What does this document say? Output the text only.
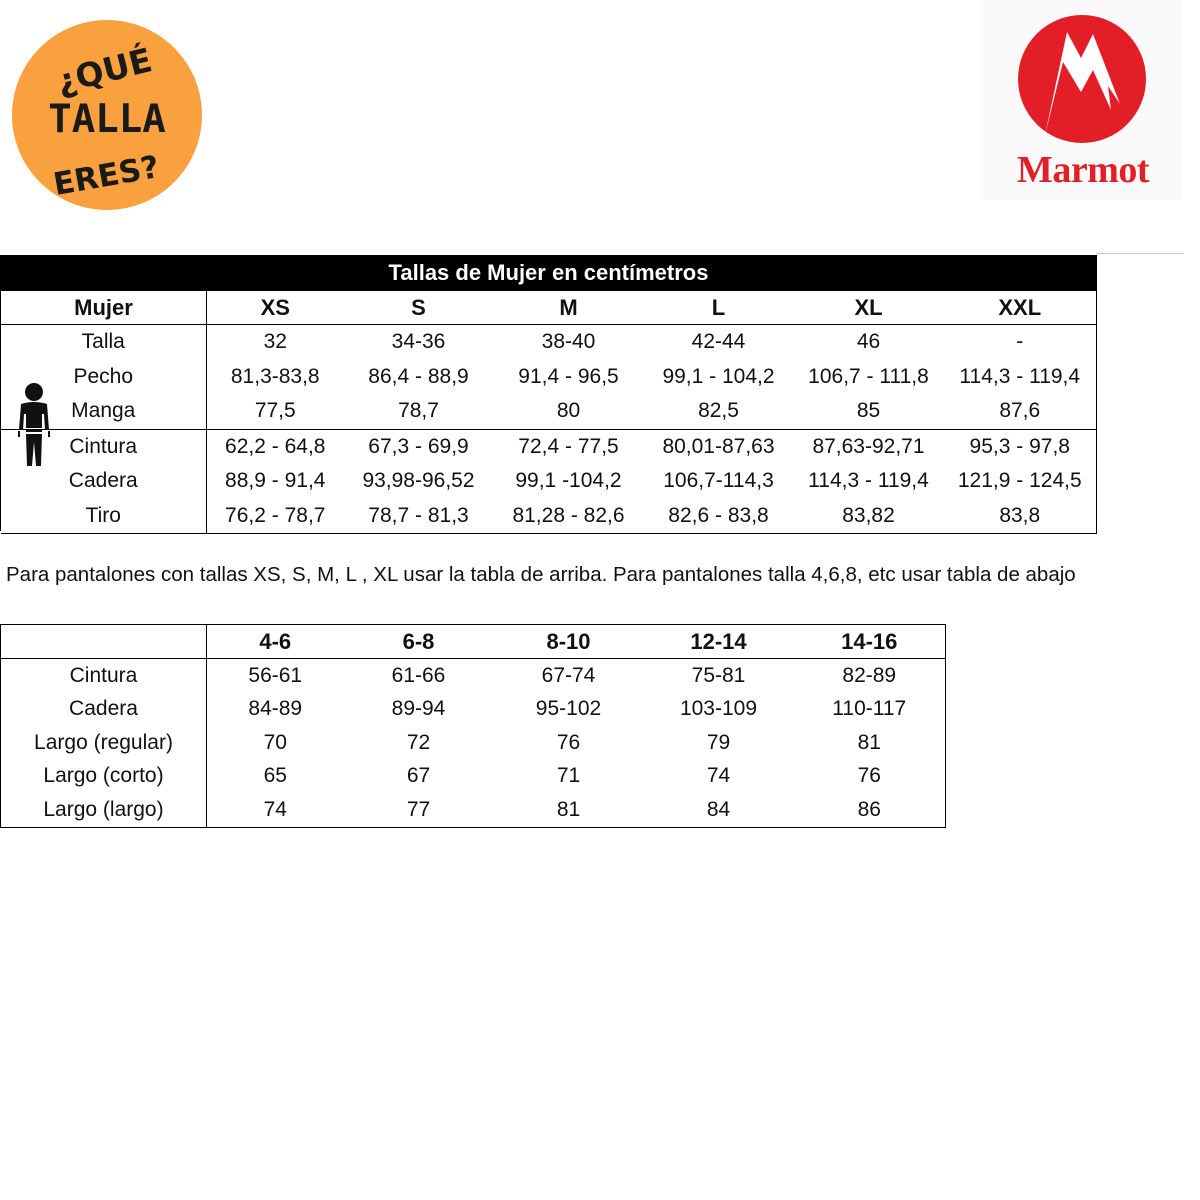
¿QUÉ
TALLA
ERES?	Marmot
Tallas de Mujer en centímetros						
Mujer	XS	S	M	L	XL	XXL
Talla	32	34-36	38-40	42-44	46	-
Pecho	81,3-83,8	86,4 - 88,9	91,4 - 96,5	99,1 - 104,2	106,7 - 111,8	114,3 - 119,4
Manga	77,5	78,7	80	82,5	85	87,6
Cintura	62,2 - 64,8	67,3 - 69,9	72,4 - 77,5	80,01-87,63	87,63-92,71	95,3 - 97,8
Cadera	88,9 - 91,4	93,98-96,52	99,1 -104,2	106,7-114,3	114,3 - 119,4	121,9 - 124,5
Tiro	76,2 - 78,7	78,7 - 81,3	81,28 - 82,6	82,6 - 83,8	83,82	83,8
Para pantalones con tallas XS, S, M, L , XL usar la tabla de arriba. Para pantalones talla 4,6,8, etc usar tabla de abajo
	4-6	6-8	8-10	12-14	14-16
Cintura	56-61	61-66	67-74	75-81	82-89
Cadera	84-89	89-94	95-102	103-109	110-117
Largo (regular)	70	72	76	79	81
Largo (corto)	65	67	71	74	76
Largo (largo)	74	77	81	84	86
